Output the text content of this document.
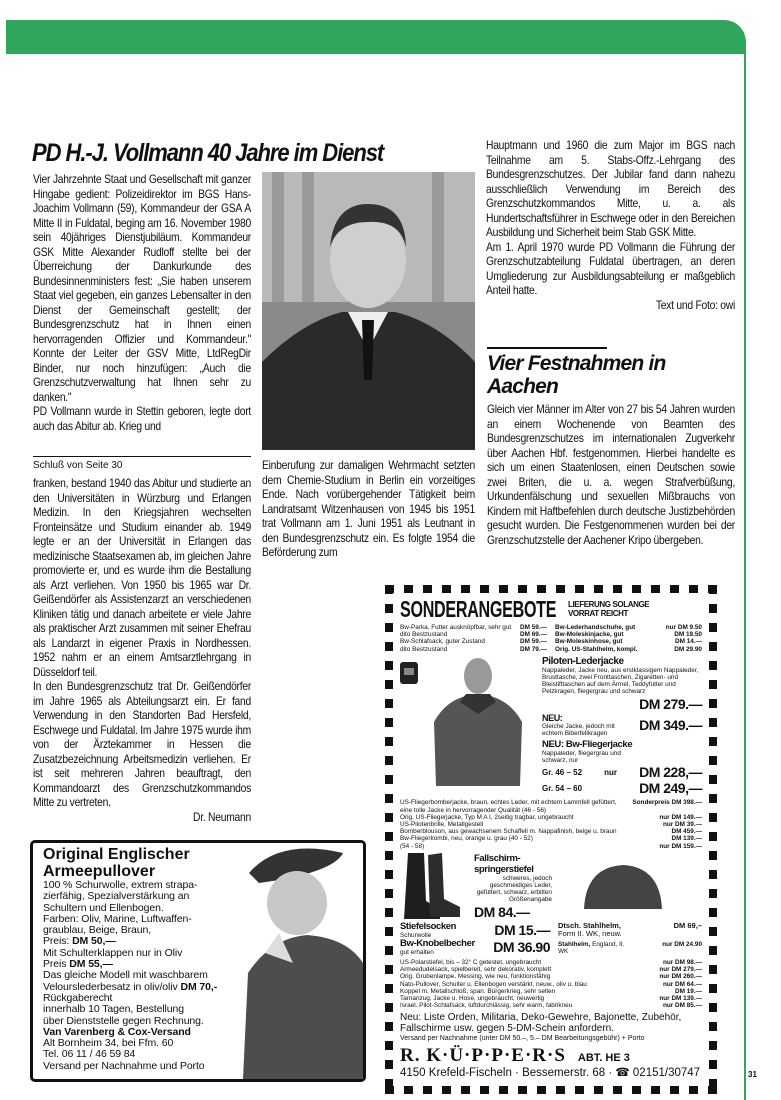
PD H.-J. Vollmann 40 Jahre im Dienst

Vier Jahrzehnte Staat und Gesellschaft mit ganzer Hingabe gedient: Polizeidirektor im BGS Hans-Joachim Vollmann (59), Kommandeur der GSA A Mitte II in Fuldatal, beging am 16. November 1980 sein 40jähriges Dienstjubiläum. Kommandeur GSK Mitte Alexander Rudloff stellte bei der Überreichung der Dankurkunde des Bundesinnenministers fest: „Sie haben unserem Staat viel gegeben, ein ganzes Lebensalter in den Dienst der Gemeinschaft gestellt; der Bundesgrenzschutz hat in Ihnen einen hervorragenden Offizier und Kommandeur." Konnte der Leiter der GSV Mitte, LtdRegDir Binder, nur noch hinzufügen: „Auch die Grenzschutzverwaltung hat Ihnen sehr zu danken."

PD Vollmann wurde in Stettin geboren, legte dort auch das Abitur ab. Krieg und

Einberufung zur damaligen Wehrmacht setzten dem Chemie-Studium in Berlin ein vorzeitiges Ende. Nach vorübergehender Tätigkeit beim Landratsamt Witzenhausen von 1945 bis 1951 trat Vollmann am 1. Juni 1951 als Leutnant in den Bundesgrenzschutz ein. Es folgte 1954 die Beförderung zum

Hauptmann und 1960 die zum Major im BGS nach Teilnahme am 5. Stabs-Offz.-Lehrgang des Bundesgrenzschutzes. Der Jubilar fand dann nahezu ausschließlich Verwendung im Bereich des Grenzschutzkommandos Mitte, u. a. als Hundertschaftsführer in Eschwege oder in den Bereichen Ausbildung und Sicherheit beim Stab GSK Mitte.

Am 1. April 1970 wurde PD Vollmann die Führung der Grenzschutzabteilung Fuldatal übertragen, an deren Umgliederung zur Ausbildungsabteilung er maßgeblich Anteil hatte.

Text und Foto: owi

Vier Festnahmen in Aachen

Gleich vier Männer im Alter von 27 bis 54 Jahren wurden an einem Wochenende von Beamten des Bundesgrenzschutzes im internationalen Zugverkehr über Aachen Hbf. festgenommen. Hierbei handelte es sich um einen Staatenlosen, einen Deutschen sowie zwei Briten, die u. a. wegen Strafverbüßung, Urkundenfälschung und sexuellen Mißbrauchs von Kindern mit Haftbefehlen durch deutsche Justizbehörden gesucht wurden. Die Festgenommenen wurden bei der Grenzschutzstelle der Aachener Kripo übergeben.

Schluß von Seite 30

franken, bestand 1940 das Abitur und studierte an den Universitäten in Würzburg und Erlangen Medizin. In den Kriegsjahren wechselten Fronteinsätze und Studium einander ab. 1949 legte er an der Universität in Erlangen das medizinische Staatsexamen ab, im gleichen Jahre promovierte er, und es wurde ihm die Bestallung als Arzt verliehen. Von 1950 bis 1965 war Dr. Geißendörfer als Assistenzarzt an verschiedenen Kliniken tätig und danach arbeitete er viele Jahre als praktischer Arzt zusammen mit seiner Ehefrau als Landarzt in eigener Praxis in Nordhessen. 1952 nahm er an einem Amtsarztlehrgang in Düsseldorf teil.

In den Bundesgrenzschutz trat Dr. Geißendörfer im Jahre 1965 als Abteilungsarzt ein. Er fand Verwendung in den Standorten Bad Hersfeld, Eschwege und Fuldatal. Im Jahre 1975 wurde ihm von der Ärztekammer in Hessen die Zusatzbezeichnung Arbeitsmedizin verliehen. Er ist seit mehreren Jahren beauftragt, den Kommandoarzt des Grenzschutzkommandos Mitte zu vertreten.

Dr. Neumann

SONDERANGEBOTE LIEFERUNG SOLANGE
VORRAT REICHT
Bw-Parka, Futter ausknöpfbar, sehr gut DM 59.—
dito Bestzustand	DM 69.—
Bw-Schlafsack, guter Zustand	DM 59.—
dito Bestzustand	DM 79.—
Bw-Lederhandschuhe, gut	nur DM 9.50
Bw-Moleskinjacke, gut	DM 19.50
Bw-Moleskinhose, gut	DM 14.—
Orig. US-Stahlhelm, kompl.	DM 29.90
Piloten-Lederjacke
Nappaleder, Jacke neu, aus erstklassigem Nappaleder, Brusttasche, zwei Fronttaschen, Zigaretten- und Bleistifttaschen auf dem Ärmel, Teddyfutter und Pelzkragen, fliegergrau und schwarz
DM 279.—
NEU:
Gleiche Jacke, jedoch mit echtem Biberfellkragen
DM 349.—
NEU: Bw-Fliegerjacke
Nappaleder, fliegergrau und schwarz, nur
Gr. 46 – 52	nur DM 228,—
Gr. 54 – 60	DM 249,—
US-Fliegerbomberjacke, braun, echtes Leder, mit echtem Lammfell gefüttert, eine tolle Jacke in hervorragender Qualität (46 - 56)
Sonderpreis DM 398.—
Orig. US-Fliegerjacke, Typ M A I, 2seitig tragbar, ungebraucht	nur DM 149.—
US-Pilotenbrille, Metallgestell	nur DM 39.—
Bomberblouson, aus gewachsenem Schaffell m. Nappafinish, beige u. braun	DM 459.—
Bw-Fliegerkombi, neu, orange u. grau (40 - 52)	DM 139.—
(54 - 58)	nur DM 159.—
Fallschirm-springerstiefel
schweres, jedoch geschmeidiges Leder, gefüttert, schwarz, erbitten Größenangabe
DM 84.—
Stiefelsocken
Schurwolle	DM 15.—
Bw-Knobelbecher
gut erhalten	DM 36.90
Dtsch. Stahlhelm, Form II. WK, neuw.
DM 69,–
Stahlhelm, England, II. WK
nur DM 24.90
US-Polarstiefel, bis – 32° C getestet, ungebraucht	nur DM 98.—
Armeedudelsack, spielbereit, sehr dekorativ, komplett	nur DM 279.—
Orig. Grubenlampe, Messing, wie neu, funktionsfähig	nur DM 260.—
Nato-Pullover, Schulter u. Ellenbogen verstärkt, neuw., oliv u. blau	nur DM 64.—
Koppel m. Metallschloß, span. Bürgerkrieg, sehr selten	DM 19.—
Tarnanzug, Jacke u. Hose, ungebraucht, neuwertig	nur DM 139.—
Israel. Pilot-Schlafsack, luftdurchlässig, sehr warm, fabrikneu	nur DM 85.—
Neu: Liste Orden, Militaria, Deko-Gewehre, Bajonette, Zubehör, Fallschirme usw. gegen 5-DM-Schein anfordern.
Versand per Nachnahme (unter DM 50.–, 5.– DM Bearbeitungsgebühr) + Porto
R. K·Ü·P·P·E·R·S ABT. HE 3
4150 Krefeld-Fischeln · Bessemerstr. 68 · ☎ 02151/30747
Original Englischer
Armeepullover
100 % Schurwolle, extrem strapa-
zierfähig, Spezialverstärkung an
Schultern und Ellenbogen.
Farben: Oliv, Marine, Luftwaffen-
graublau, Beige, Braun,
Preis: DM 50,—
Mit Schulterklappen nur in Oliv
Preis DM 55,—
Das gleiche Modell mit waschbarem
Velourslederbesatz in oliv/oliv DM 70,-
Rückgaberecht
innerhalb 10 Tagen, Bestellung
über Dienststelle gegen Rechnung.
Van Varenberg & Cox-Versand
Alt Bornheim 34, bei Ffm. 60
Tel. 06 11 / 46 59 84
Versand per Nachnahme und Porto
31
